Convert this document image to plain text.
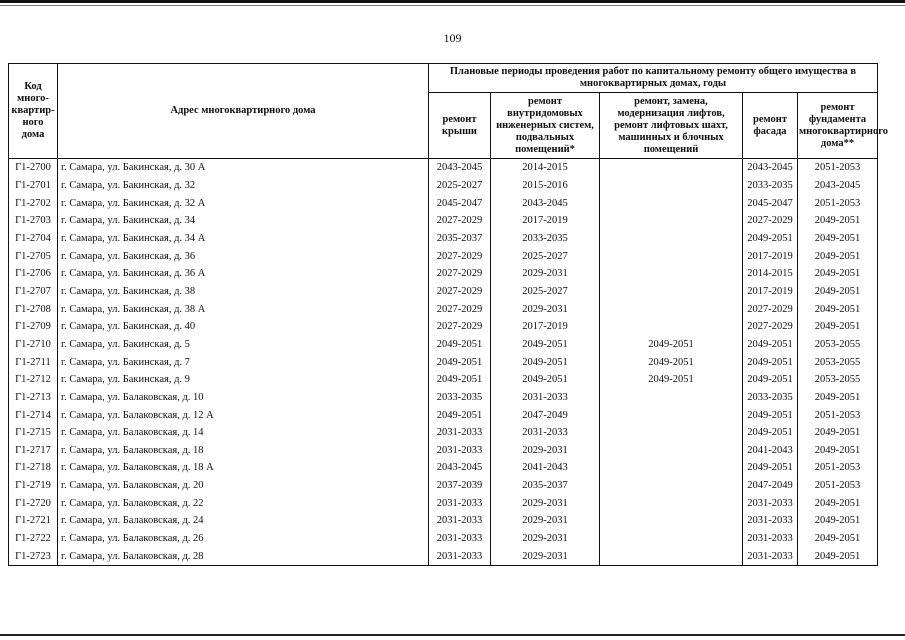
109
Код много-квартир-ного дома	Адрес многоквартирного дома	Плановые периоды проведения работ по капитальному ремонту общего имущества в многоквартирных домах, годы				
		ремонт крыши	ремонт внутридомовых инженерных систем, подвальных помещений*	ремонт, замена, модернизация лифтов, ремонт лифтовых шахт, машинных и блочных помещений	ремонт фасада	ремонт фундамента многоквартирного дома**
Г1-2700	г. Самара, ул. Бакинская, д. 30 А	2043-2045	2014-2015		2043-2045	2051-2053
Г1-2701	г. Самара, ул. Бакинская, д. 32	2025-2027	2015-2016		2033-2035	2043-2045
Г1-2702	г. Самара, ул. Бакинская, д. 32 А	2045-2047	2043-2045		2045-2047	2051-2053
Г1-2703	г. Самара, ул. Бакинская, д. 34	2027-2029	2017-2019		2027-2029	2049-2051
Г1-2704	г. Самара, ул. Бакинская, д. 34 А	2035-2037	2033-2035		2049-2051	2049-2051
Г1-2705	г. Самара, ул. Бакинская, д. 36	2027-2029	2025-2027		2017-2019	2049-2051
Г1-2706	г. Самара, ул. Бакинская, д. 36 А	2027-2029	2029-2031		2014-2015	2049-2051
Г1-2707	г. Самара, ул. Бакинская, д. 38	2027-2029	2025-2027		2017-2019	2049-2051
Г1-2708	г. Самара, ул. Бакинская, д. 38 А	2027-2029	2029-2031		2027-2029	2049-2051
Г1-2709	г. Самара, ул. Бакинская, д. 40	2027-2029	2017-2019		2027-2029	2049-2051
Г1-2710	г. Самара, ул. Бакинская, д. 5	2049-2051	2049-2051	2049-2051	2049-2051	2053-2055
Г1-2711	г. Самара, ул. Бакинская, д. 7	2049-2051	2049-2051	2049-2051	2049-2051	2053-2055
Г1-2712	г. Самара, ул. Бакинская, д. 9	2049-2051	2049-2051	2049-2051	2049-2051	2053-2055
Г1-2713	г. Самара, ул. Балаковская, д. 10	2033-2035	2031-2033		2033-2035	2049-2051
Г1-2714	г. Самара, ул. Балаковская, д. 12 А	2049-2051	2047-2049		2049-2051	2051-2053
Г1-2715	г. Самара, ул. Балаковская, д. 14	2031-2033	2031-2033		2049-2051	2049-2051
Г1-2717	г. Самара, ул. Балаковская, д. 18	2031-2033	2029-2031		2041-2043	2049-2051
Г1-2718	г. Самара, ул. Балаковская, д. 18 А	2043-2045	2041-2043		2049-2051	2051-2053
Г1-2719	г. Самара, ул. Балаковская, д. 20	2037-2039	2035-2037		2047-2049	2051-2053
Г1-2720	г. Самара, ул. Балаковская, д. 22	2031-2033	2029-2031		2031-2033	2049-2051
Г1-2721	г. Самара, ул. Балаковская, д. 24	2031-2033	2029-2031		2031-2033	2049-2051
Г1-2722	г. Самара, ул. Балаковская, д. 26	2031-2033	2029-2031		2031-2033	2049-2051
Г1-2723	г. Самара, ул. Балаковская, д. 28	2031-2033	2029-2031		2031-2033	2049-2051
